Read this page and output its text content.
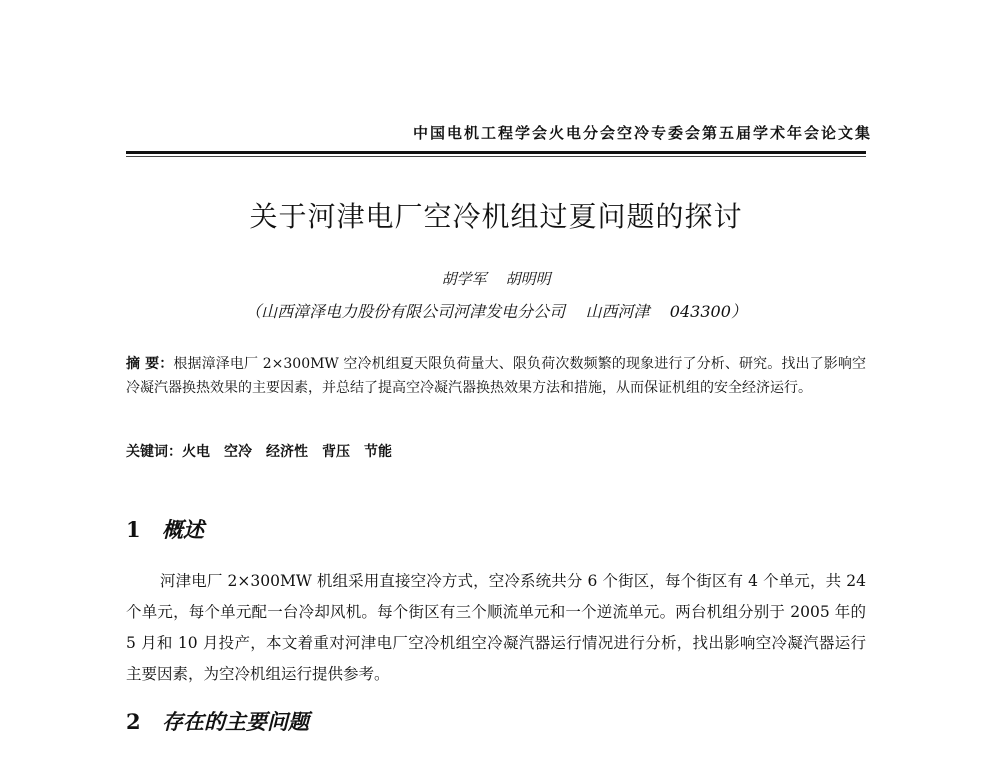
中国电机工程学会火电分会空冷专委会第五届学术年会论文集
关于河津电厂空冷机组过夏问题的探讨
胡学军    胡明明
（山西漳泽电力股份有限公司河津发电分公司    山西河津    043300）
摘 要：根据漳泽电厂 2×300MW 空冷机组夏天限负荷量大、限负荷次数频繁的现象进行了分析、研究。找出了影响空冷凝汽器换热效果的主要因素，并总结了提高空冷凝汽器换热效果方法和措施，从而保证机组的安全经济运行。
关键词：火电 空冷 经济性 背压 节能
1 概述

河津电厂 2×300MW 机组采用直接空冷方式，空冷系统共分 6 个街区，每个街区有 4 个单元，共 24 个单元，每个单元配一台冷却风机。每个街区有三个顺流单元和一个逆流单元。两台机组分别于 2005 年的 5 月和 10 月投产，本文着重对河津电厂空冷机组空冷凝汽器运行情况进行分析，找出影响空冷凝汽器运行主要因素，为空冷机组运行提供参考。

2 存在的主要问题
